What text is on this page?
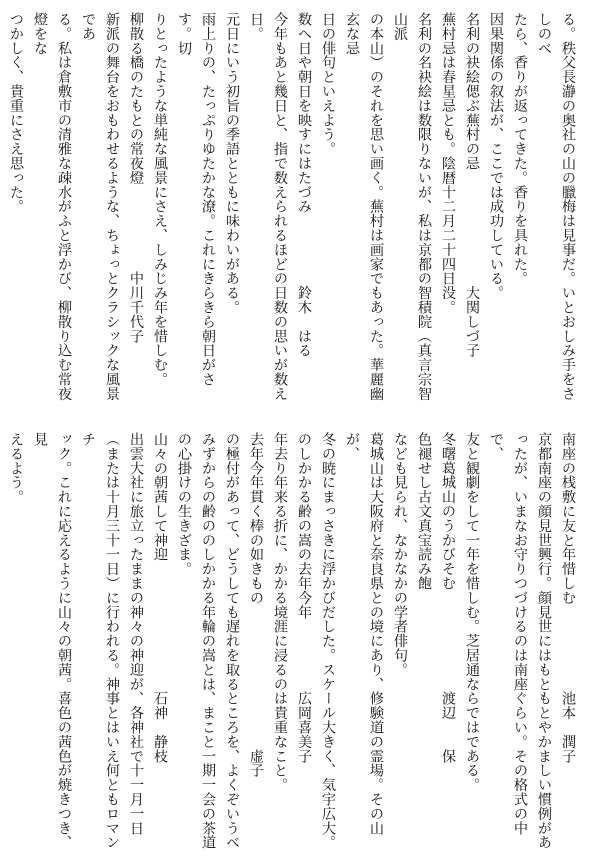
る。秩父長瀞の奥社の山の臘梅は見事だ。いとおしみ手をさしのべ
たら、香りが返ってきた。香りを具れた。
因果関係の叙法が、ここでは成功している。
名利の袂絵偲ぶ蕪村の忌　　　　　　　　大関しづ子
蕪村忌は春星忌とも。陰暦十二月二十四日没。
名利の名袂絵は数限りないが、私は京都の智積院（真言宗智山派
の本山）のそれを思い画く。蕪村は画家でもあった。華麗幽玄な忌
日の俳句といえよう。
数へ日や朝日を映すにはたづみ　　　　　鈴木　はる
今年もあと幾日と、指で数えられるほどの日数の思いが数え日。
元日にいう初旨の季語とともに味わいがある。
雨上りの、たっぷりゆたかな潦。これにきらきら朝日がさす。切
りとったような単純な風景にさえ、しみじみ年を惜しむ。
柳散る橋のたもとの常夜燈　　　　　　中川千代子
新派の舞台をおもわせるような、ちょっとクラシックな風景であ
る。私は倉敷市の清雅な疎水がふと浮かび、柳散り込む常夜燈をな
つかしく、貴重にさえ思った。

南座の桟敷に友と年惜しむ　　　　　　池本　潤子
京都南座の顔見世興行。顔見世にはもともとやかましい慣例があ
ったが、いまなお守りつづけるのは南座ぐらい。その格式の中で、
友と観劇をして一年を惜しむ。芝居通ならではである。
冬曙葛城山のうかびそむ　　　　　　　渡辺　　保
色褪せし古文真宝読み飽
なども見られ、なかなかの学者俳句。
葛城山は大阪府と奈良県との境にあり、修験道の霊場。その山が、
冬の暁にまっさきに浮かびだした。スケール大きく、気宇広大。
のしかかる齢の嵩の去年今年　　　　　広岡喜美子
年去り年来る折に、かかる境涯に浸るのは貴重なこと。
去年今年貫く棒の如きもの　　　　　　　　　　虚子
の極付があって、どうしても遅れを取るところを、よくぞいうべ
みずからの齢ののしかかる年輪の嵩とは、まこと一期一会の茶道
の心掛けの生きざま。
山々の朝茜して神迎　　　　　　　　　石神　静枝
出雲大社に旅立ったままの神々の神迎が、各神社で十一月一日
（または十月三十一日）に行われる。神事とはいえ何ともロマンチ
ック。これに応えるように山々の朝茜。喜色の茜色が焼きつき、見
えるよう。
